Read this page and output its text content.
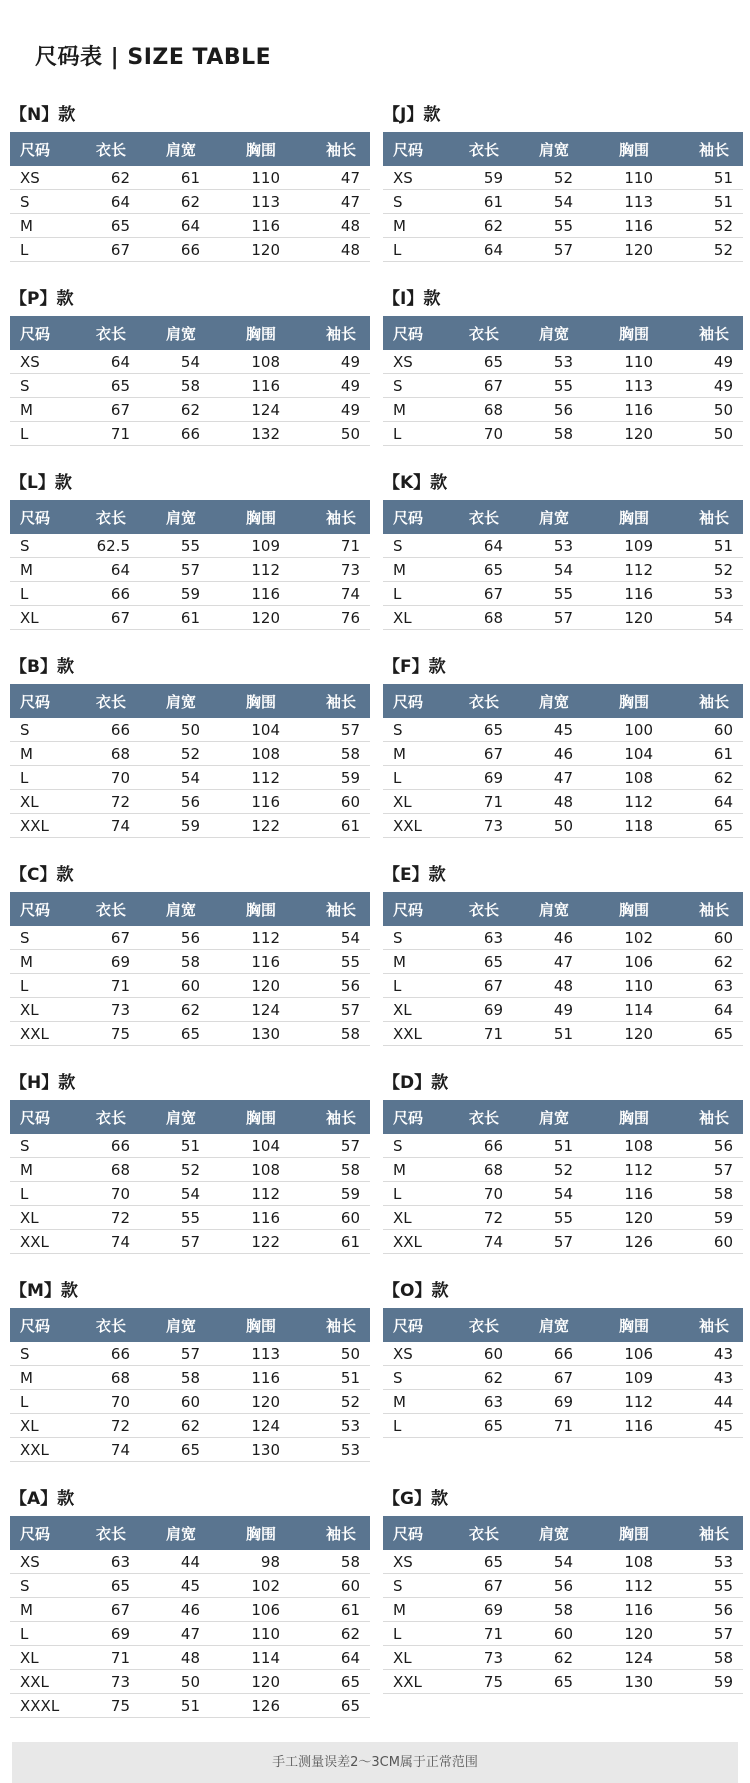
尺码表 | SIZE TABLE
【N】款
尺码	衣长	肩宽	胸围	袖长
XS	62	61	110	47
S	64	62	113	47
M	65	64	116	48
L	67	66	120	48
【J】款
尺码	衣长	肩宽	胸围	袖长
XS	59	52	110	51
S	61	54	113	51
M	62	55	116	52
L	64	57	120	52
【P】款
尺码	衣长	肩宽	胸围	袖长
XS	64	54	108	49
S	65	58	116	49
M	67	62	124	49
L	71	66	132	50
【I】款
尺码	衣长	肩宽	胸围	袖长
XS	65	53	110	49
S	67	55	113	49
M	68	56	116	50
L	70	58	120	50
【L】款
尺码	衣长	肩宽	胸围	袖长
S	62.5	55	109	71
M	64	57	112	73
L	66	59	116	74
XL	67	61	120	76
【K】款
尺码	衣长	肩宽	胸围	袖长
S	64	53	109	51
M	65	54	112	52
L	67	55	116	53
XL	68	57	120	54
【B】款
尺码	衣长	肩宽	胸围	袖长
S	66	50	104	57
M	68	52	108	58
L	70	54	112	59
XL	72	56	116	60
XXL	74	59	122	61
【F】款
尺码	衣长	肩宽	胸围	袖长
S	65	45	100	60
M	67	46	104	61
L	69	47	108	62
XL	71	48	112	64
XXL	73	50	118	65
【C】款
尺码	衣长	肩宽	胸围	袖长
S	67	56	112	54
M	69	58	116	55
L	71	60	120	56
XL	73	62	124	57
XXL	75	65	130	58
【E】款
尺码	衣长	肩宽	胸围	袖长
S	63	46	102	60
M	65	47	106	62
L	67	48	110	63
XL	69	49	114	64
XXL	71	51	120	65
【H】款
尺码	衣长	肩宽	胸围	袖长
S	66	51	104	57
M	68	52	108	58
L	70	54	112	59
XL	72	55	116	60
XXL	74	57	122	61
【D】款
尺码	衣长	肩宽	胸围	袖长
S	66	51	108	56
M	68	52	112	57
L	70	54	116	58
XL	72	55	120	59
XXL	74	57	126	60
【M】款
尺码	衣长	肩宽	胸围	袖长
S	66	57	113	50
M	68	58	116	51
L	70	60	120	52
XL	72	62	124	53
XXL	74	65	130	53
【O】款
尺码	衣长	肩宽	胸围	袖长
XS	60	66	106	43
S	62	67	109	43
M	63	69	112	44
L	65	71	116	45
【A】款
尺码	衣长	肩宽	胸围	袖长
XS	63	44	98	58
S	65	45	102	60
M	67	46	106	61
L	69	47	110	62
XL	71	48	114	64
XXL	73	50	120	65
XXXL	75	51	126	65
【G】款
尺码	衣长	肩宽	胸围	袖长
XS	65	54	108	53
S	67	56	112	55
M	69	58	116	56
L	71	60	120	57
XL	73	62	124	58
XXL	75	65	130	59
手工测量误差2～3CM属于正常范围
